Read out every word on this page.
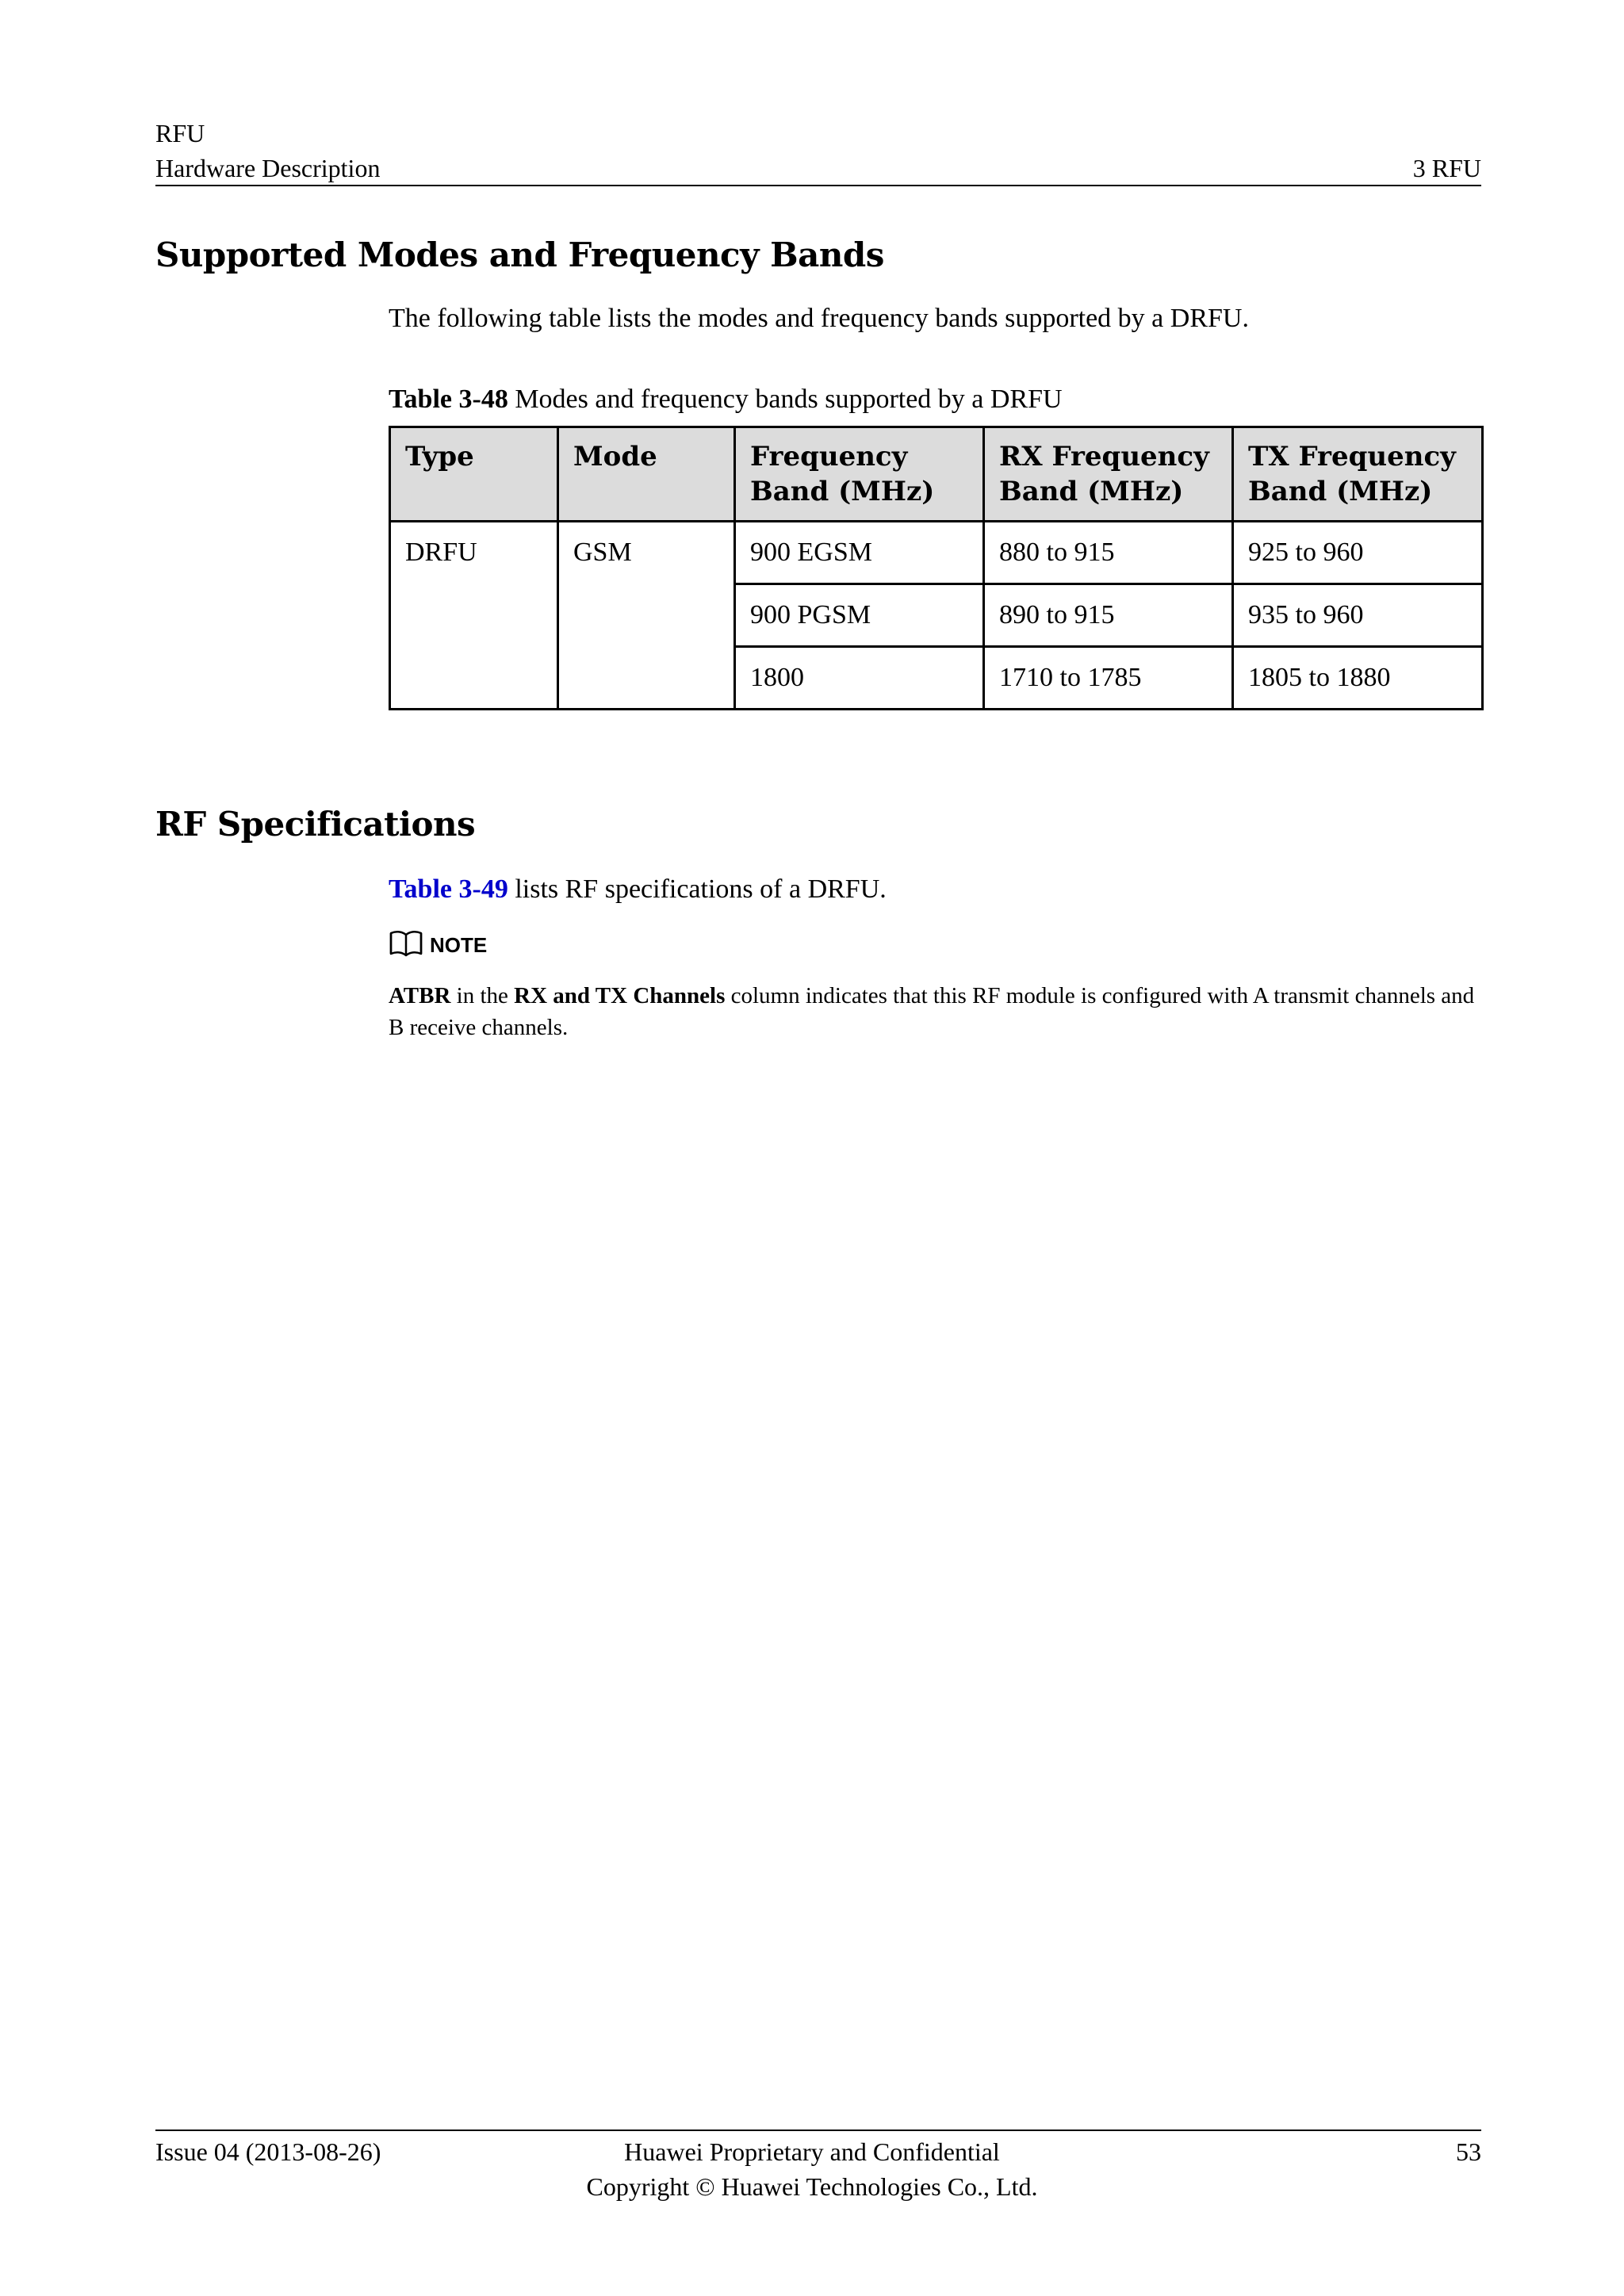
RFU
Hardware Description	3 RFU
Supported Modes and Frequency Bands
The following table lists the modes and frequency bands supported by a DRFU.
Table 3-48 Modes and frequency bands supported by a DRFU
Type	Mode	Frequency Band (MHz)	RX Frequency Band (MHz)	TX Frequency Band (MHz)
DRFU	GSM	900 EGSM	880 to 915	925 to 960
		900 PGSM	890 to 915	935 to 960
		1800	1710 to 1785	1805 to 1880
RF Specifications
Table 3-49 lists RF specifications of a DRFU.
NOTE
ATBR in the RX and TX Channels column indicates that this RF module is configured with A transmit channels and B receive channels.
Issue 04 (2013-08-26)	Huawei Proprietary and Confidential
Copyright © Huawei Technologies Co., Ltd.
53
